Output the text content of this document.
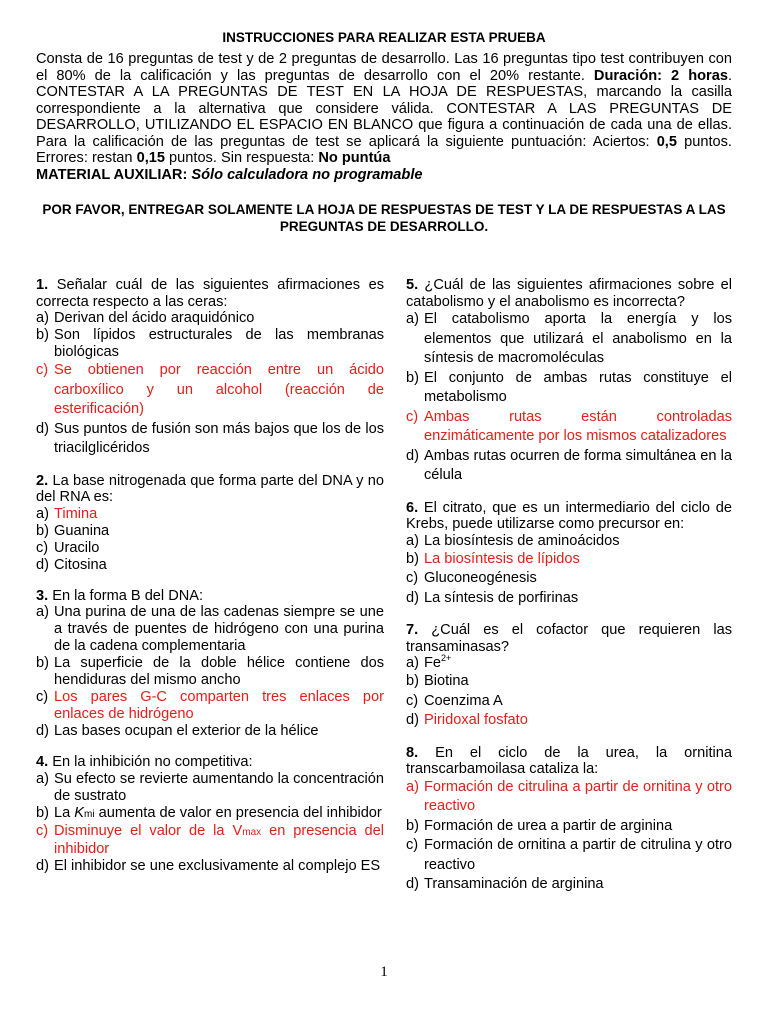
INSTRUCCIONES PARA REALIZAR ESTA PRUEBA

Consta de 16 preguntas de test y de 2 preguntas de desarrollo. Las 16 preguntas tipo test contribuyen con el 80% de la calificación y las preguntas de desarrollo con el 20% restante. Duración: 2 horas. CONTESTAR A LA PREGUNTAS DE TEST EN LA HOJA DE RESPUESTAS, marcando la casilla correspondiente a la alternativa que considere válida. CONTESTAR A LAS PREGUNTAS DE DESARROLLO, UTILIZANDO EL ESPACIO EN BLANCO que figura a continuación de cada una de ellas. Para la calificación de las preguntas de test se aplicará la siguiente puntuación: Aciertos: 0,5 puntos. Errores: restan 0,15 puntos. Sin respuesta: No puntúa

MATERIAL AUXILIAR: Sólo calculadora no programable

POR FAVOR, ENTREGAR SOLAMENTE LA HOJA DE RESPUESTAS DE TEST Y LA DE RESPUESTAS A LAS PREGUNTAS DE DESARROLLO.
1. Señalar cuál de las siguientes afirmaciones es correcta respecto a las ceras:
a) Derivan del ácido araquidónico
b) Son lípidos estructurales de las membranas biológicas
c) Se obtienen por reacción entre un ácido carboxílico y un alcohol (reacción de esterificación)
d) Sus puntos de fusión son más bajos que los de los triacilglicéridos
2. La base nitrogenada que forma parte del DNA y no del RNA es:
a) Timina
b) Guanina
c) Uracilo
d) Citosina
3. En la forma B del DNA:
a) Una purina de una de las cadenas siempre se une a través de puentes de hidrógeno con una purina de la cadena complementaria
b) La superficie de la doble hélice contiene dos hendiduras del mismo ancho
c) Los pares G-C comparten tres enlaces por enlaces de hidrógeno
d) Las bases ocupan el exterior de la hélice
4. En la inhibición no competitiva:
a) Su efecto se revierte aumentando la concentración de sustrato
b) La Kmi aumenta de valor en presencia del inhibidor
c) Disminuye el valor de la Vmax en presencia del inhibidor
d) El inhibidor se une exclusivamente al complejo ES
5. ¿Cuál de las siguientes afirmaciones sobre el catabolismo y el anabolismo es incorrecta?
a) El catabolismo aporta la energía y los elementos que utilizará el anabolismo en la síntesis de macromoléculas
b) El conjunto de ambas rutas constituye el metabolismo
c) Ambas rutas están controladas enzimáticamente por los mismos catalizadores
d) Ambas rutas ocurren de forma simultánea en la célula
6. El citrato, que es un intermediario del ciclo de Krebs, puede utilizarse como precursor en:
a) La biosíntesis de aminoácidos
b) La biosíntesis de lípidos
c) Gluconeogénesis
d) La síntesis de porfirinas
7. ¿Cuál es el cofactor que requieren las transaminasas?
a) $Fe^{2+}$
b) Biotina
c) Coenzima A
d) Piridoxal fosfato
8. En el ciclo de la urea, la ornitina transcarbamoilasa cataliza la:
a) Formación de citrulina a partir de ornitina y otro reactivo
b) Formación de urea a partir de arginina
c) Formación de ornitina a partir de citrulina y otro reactivo
d) Transaminación de arginina
1
